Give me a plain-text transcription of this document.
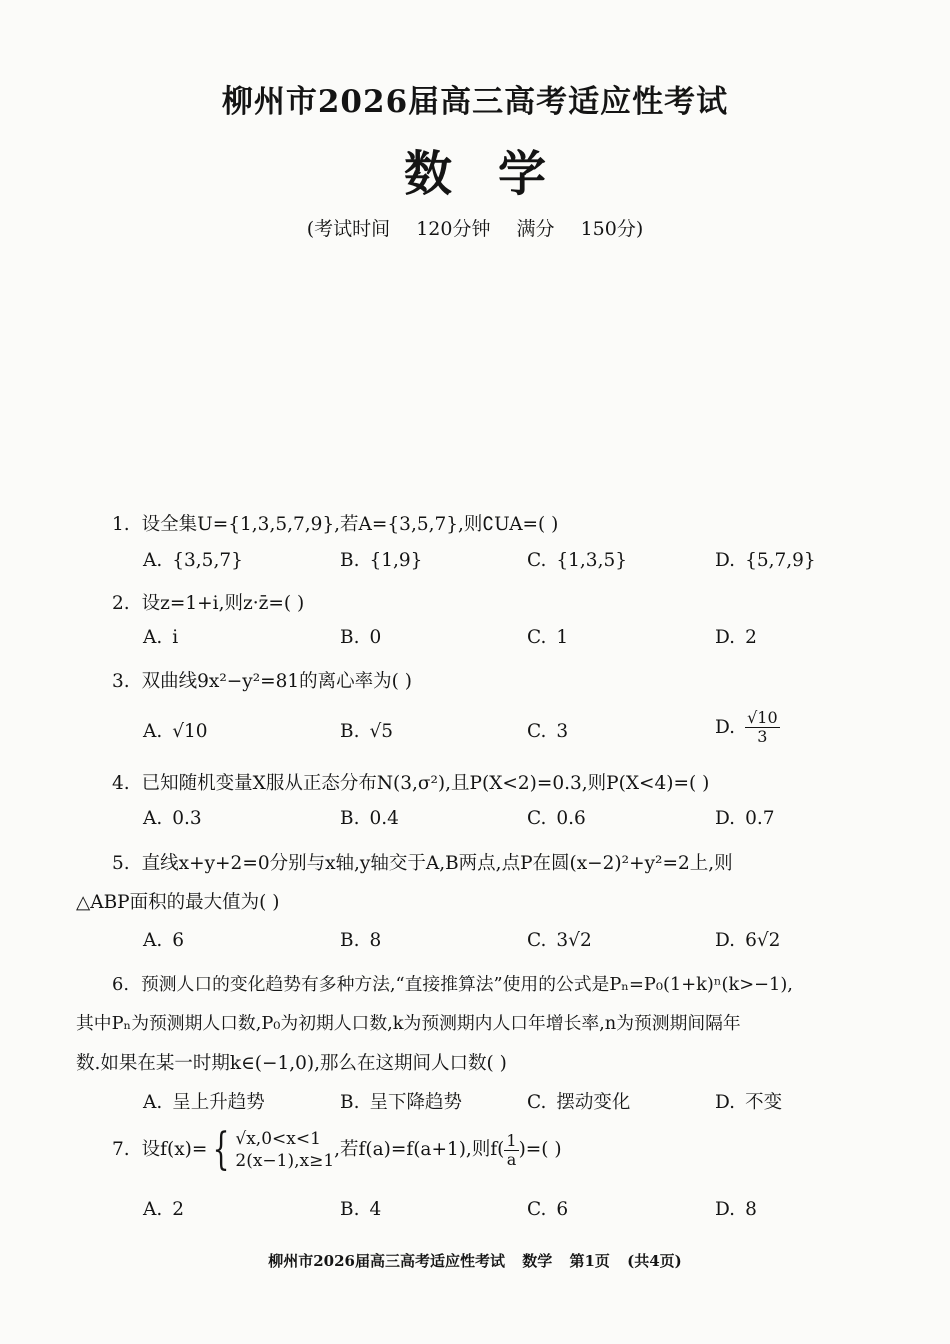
柳州市2026届高三高考适应性考试
数学
(考试时间 120分钟 满分 150分)
1. 设全集U={1,3,5,7,9},若A={3,5,7},则∁UA=( )
A. {3,5,7}	B. {1,9}	C. {1,3,5}	D. {5,7,9}
2. 设z=1+i,则z·z̄=( )
A. i	B. 0	C. 1	D. 2
3. 双曲线9x²−y²=81的离心率为( )
A. √10	B. √5	C. 3	D. $\frac{√10}{3}$
4. 已知随机变量X服从正态分布N(3,σ²),且P(X<2)=0.3,则P(X<4)=( )
A. 0.3	B. 0.4	C. 0.6	D. 0.7
5. 直线x+y+2=0分别与x轴,y轴交于A,B两点,点P在圆(x−2)²+y²=2上,则
△ABP面积的最大值为( )
A. 6	B. 8	C. 3√2	D. 6√2
6. 预测人口的变化趋势有多种方法,“直接推算法”使用的公式是Pₙ=P₀(1+k)ⁿ(k>−1),
其中Pₙ为预测期人口数,P₀为初期人口数,k为预测期内人口年增长率,n为预测期间隔年
数.如果在某一时期k∈(−1,0),那么在这期间人口数( )
A. 呈上升趋势	B. 呈下降趋势	C. 摆动变化	D. 不变
7. 设f(x)= { √x,0<x<1
2(x−1),x≥1
,若f(a)=f(a+1),则$f( \frac{1}{a}$ )=( )
A. 2	B. 4	C. 6	D. 8
柳州市2026届高三高考适应性考试 数学 第1页 (共4页)
